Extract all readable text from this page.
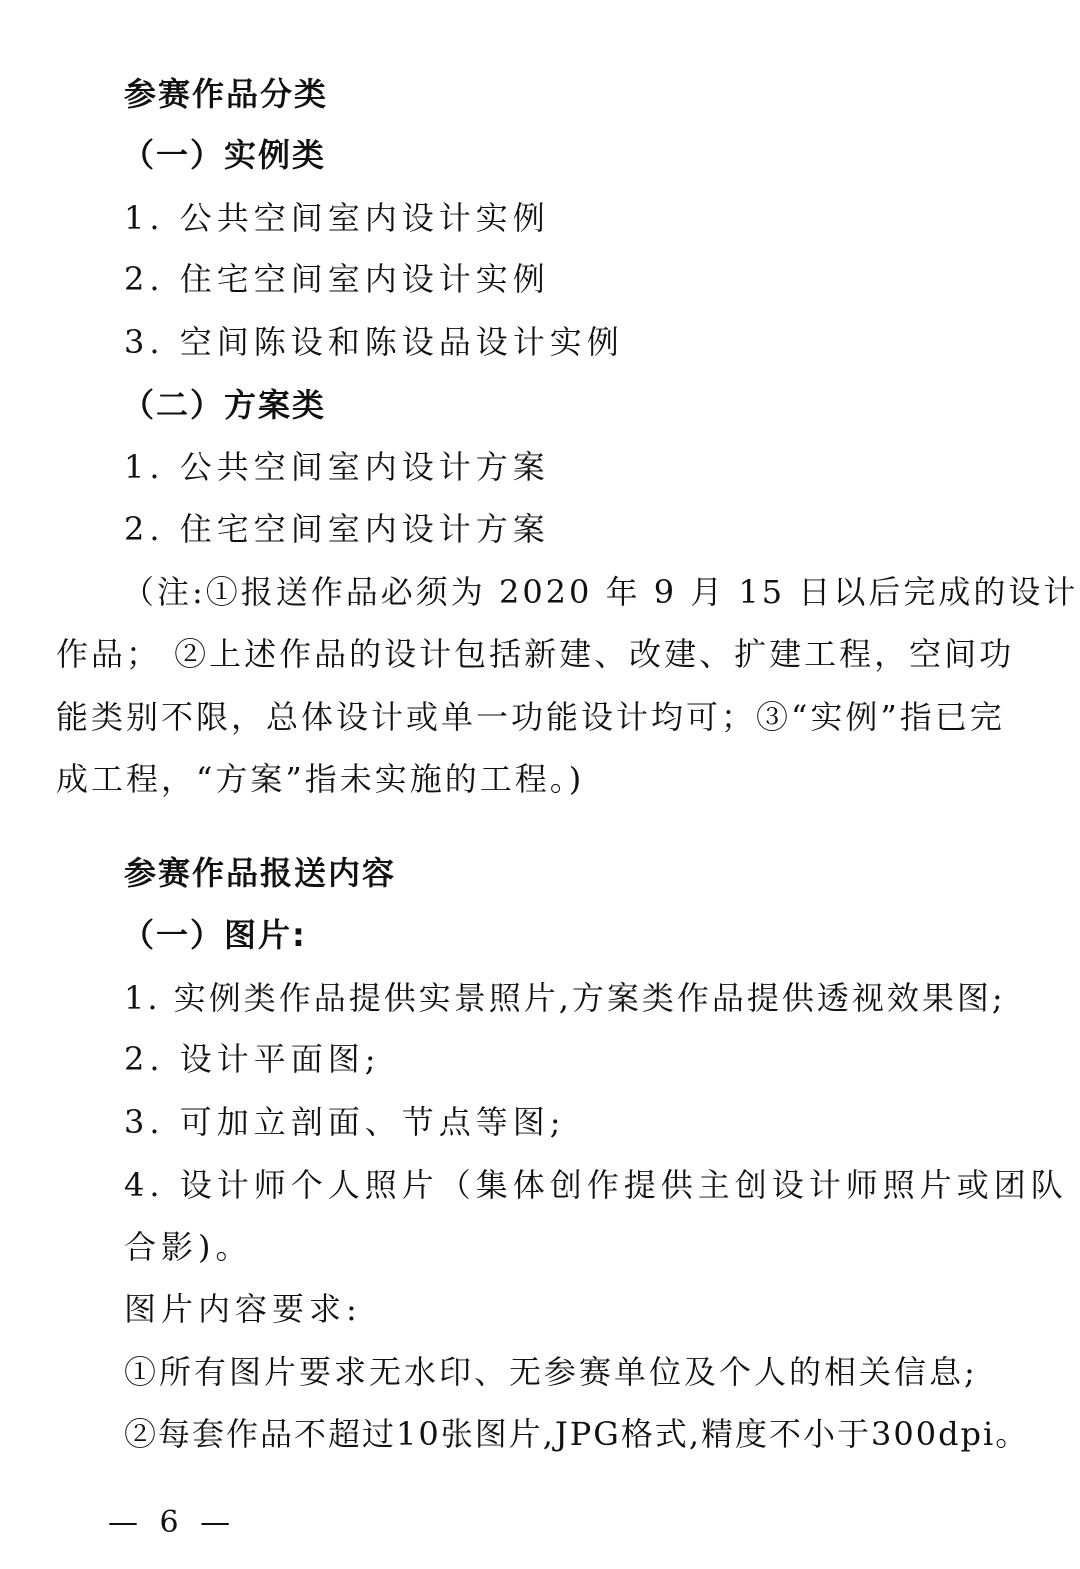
参赛作品分类
（一）实例类
1. 公共空间室内设计实例
2. 住宅空间室内设计实例
3. 空间陈设和陈设品设计实例
（二）方案类
1. 公共空间室内设计方案
2. 住宅空间室内设计方案
（注:①报送作品必须为 2020 年 9 月 15 日以后完成的设计
作品； ②上述作品的设计包括新建、改建、扩建工程，空间功
能类别不限，总体设计或单一功能设计均可；③“实例”指已完
成工程，“方案”指未实施的工程。)
参赛作品报送内容
（一）图片:
1. 实例类作品提供实景照片,方案类作品提供透视效果图;
2. 设计平面图;
3. 可加立剖面、节点等图;
4. 设计师个人照片（集体创作提供主创设计师照片或团队
合影)。
图片内容要求:
①所有图片要求无水印、无参赛单位及个人的相关信息;
②每套作品不超过10张图片,JPG格式,精度不小于300dpi。
— 6 —
